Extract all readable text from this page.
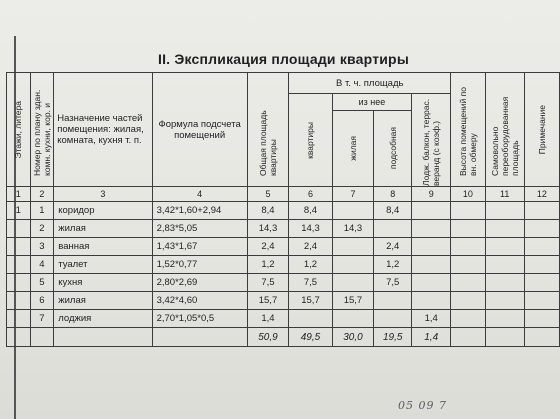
II. Экспликация площади квартиры
Этажи, литера	Номер по плану здан. комн. кухни, кор. и	Назначение частей помещения: жилая, комната, кухня т. п.	Формула подсчета помещений	Общая площадь квартиры	В т. ч. площадь				Высота помещений по вн. обмеру	Самовольно переоборудованная площадь	Примечание

					квартиры	из нее		Лодж. балкон, террас. веранд (с коэф.)			

						жилая	подсобная				

1	2	3	4	5	6	7	8	9	10	11	12
1	1	коридор	3,42*1,60+2,94	8,4	8,4		8,4				
	2	жилая	2,83*5,05	14,3	14,3	14,3					
	3	ванная	1,43*1,67	2,4	2,4		2,4				
	4	туалет	1,52*0,77	1,2	1,2		1,2				
	5	кухня	2,80*2,69	7,5	7,5		7,5				
	6	жилая	3,42*4,60	15,7	15,7	15,7					
	7	лоджия	2,70*1,05*0,5	1,4				1,4			
				50,9	49,5	30,0	19,5	1,4			
05 09 7
